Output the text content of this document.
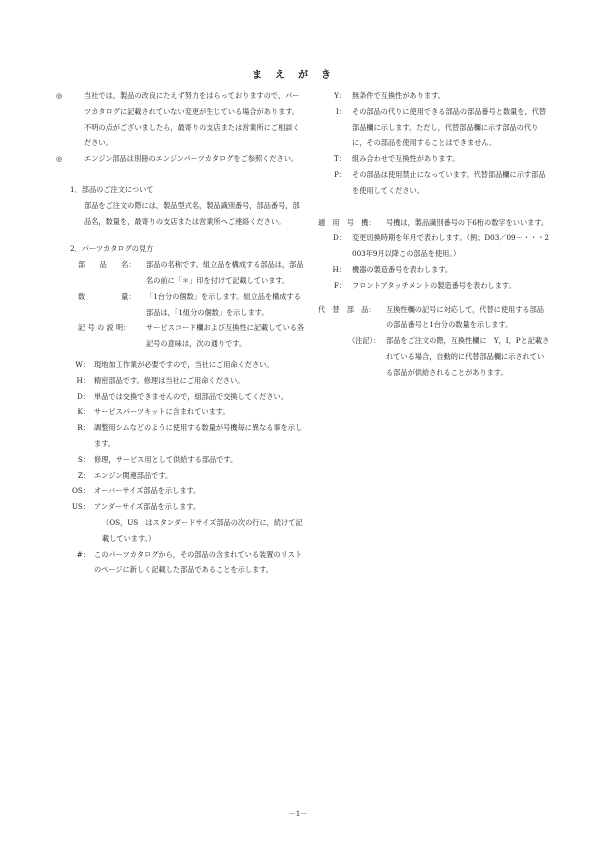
まえがき
◎	当社では，製品の改良にたえず努力をはらっておりますので，パーツカタログに記載されていない変更が生じている場合があります。不明の点がございましたら，最寄りの支店または営業所にご相談ください。
◎	エンジン部品は別冊のエンジンパーツカタログをご参照ください。
1．部品のご注文について
部品をご注文の際には，製品型式名，製品識別番号，部品番号，部品名，数量を，最寄りの支店または営業所へご連絡ください。
2．パーツカタログの見方
部　　品　　名：	部品の名称です。組立品を構成する部品は，部品名の前に「＊」印を付けて記載しています。
数　　　　　量：	「1台分の個数」を示します。組立品を構成する部品は，「1組分の個数」を示します。
記 号 の 説 明：	サービスコード欄および互換性に記載している各記号の意味は，次の通りです。
W： 現地加工作業が必要ですので，当社にご用命ください。
H： 精密部品です。修理は当社にご用命ください。
D： 単品では交換できませんので，組部品で交換してください。
K： サービスパーツキットに含まれています。
R： 調整用シムなどのように使用する数量が号機毎に異なる事を示します。
S： 修理，サービス用として供給する部品です。
Z： エンジン関連部品です。
OS： オーバーサイズ部品を示します。
US： アンダーサイズ部品を示します。
（OS，US　はスタンダードサイズ部品の次の行に，続けて記載しています。）
#： このパーツカタログから，その部品の含まれている装置のリストのページに新しく記載した部品であることを示します。
Y： 無条件で互換性があります。
I： その部品の代りに使用できる部品の部品番号と数量を，代替部品欄に示します。ただし，代替部品欄に示す部品の代りに，その部品を使用することはできません。
T： 組み合わせで互換性があります。
P： その部品は使用禁止になっています。代替部品欄に示す部品を使用してください。
適　用　号　機：	号機は，製品識別番号の下6桁の数字をいいます。
D： 変更切換時期を年月で表わします。（例；D03／09－・・・2003年9月以降この部品を使用。）
H： 機器の製造番号を表わします。
F： フロントアタッチメントの製造番号を表わします。
代　替　部　品：	互換性欄の記号に対応して，代替に使用する部品の部品番号と1台分の数量を示します。
（注記）： 部品をご注文の際，互換性欄に　Y，I，Pと記載されている場合，自動的に代替部品欄に示されている部品が供給されることがあります。
－1－
